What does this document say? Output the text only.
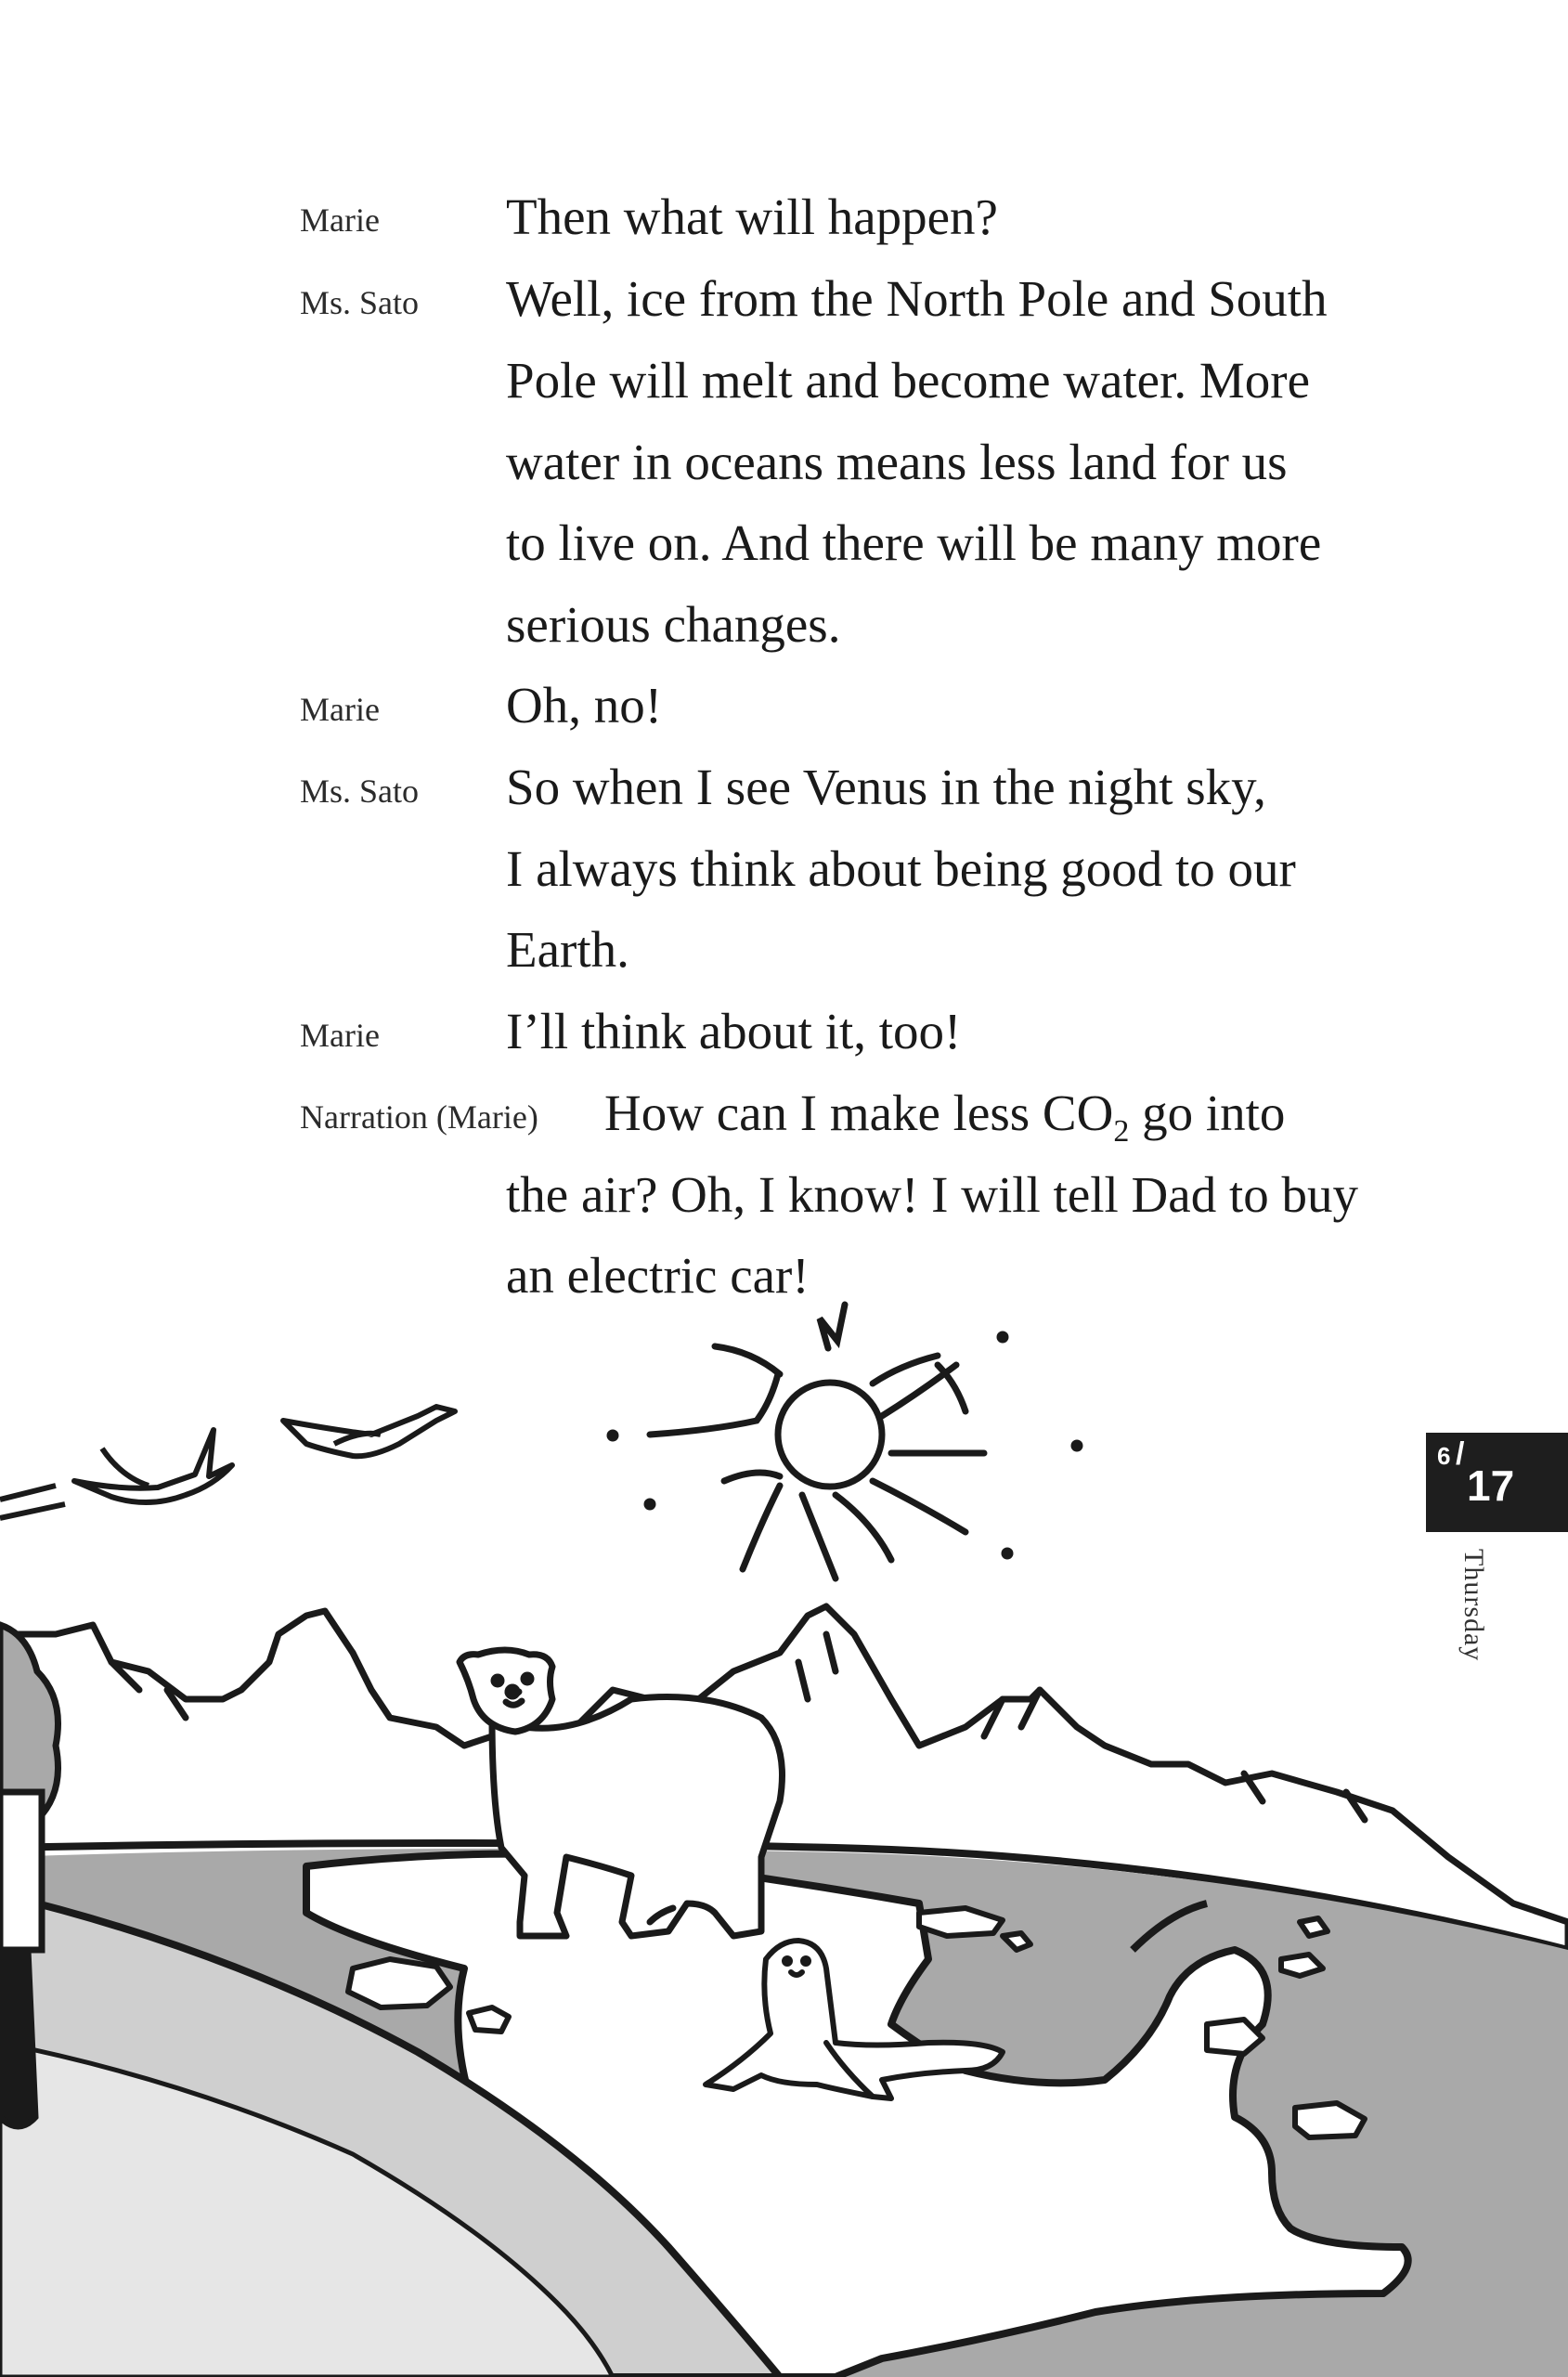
Marie Then what will happen?
Ms. Sato Well, ice from the North Pole and South
Pole will melt and become water. More
water in oceans means less land for us
to live on. And there will be many more
serious changes.
Marie Oh, no!
Ms. Sato So when I see Venus in the night sky,
I always think about being good to our
Earth.
Marie I’ll think about it, too!
Narration (Marie) How can I make less $CO_2$ go into
the air? Oh, I know! I will tell Dad to buy
an electric car!
6 /
17
Thursday
